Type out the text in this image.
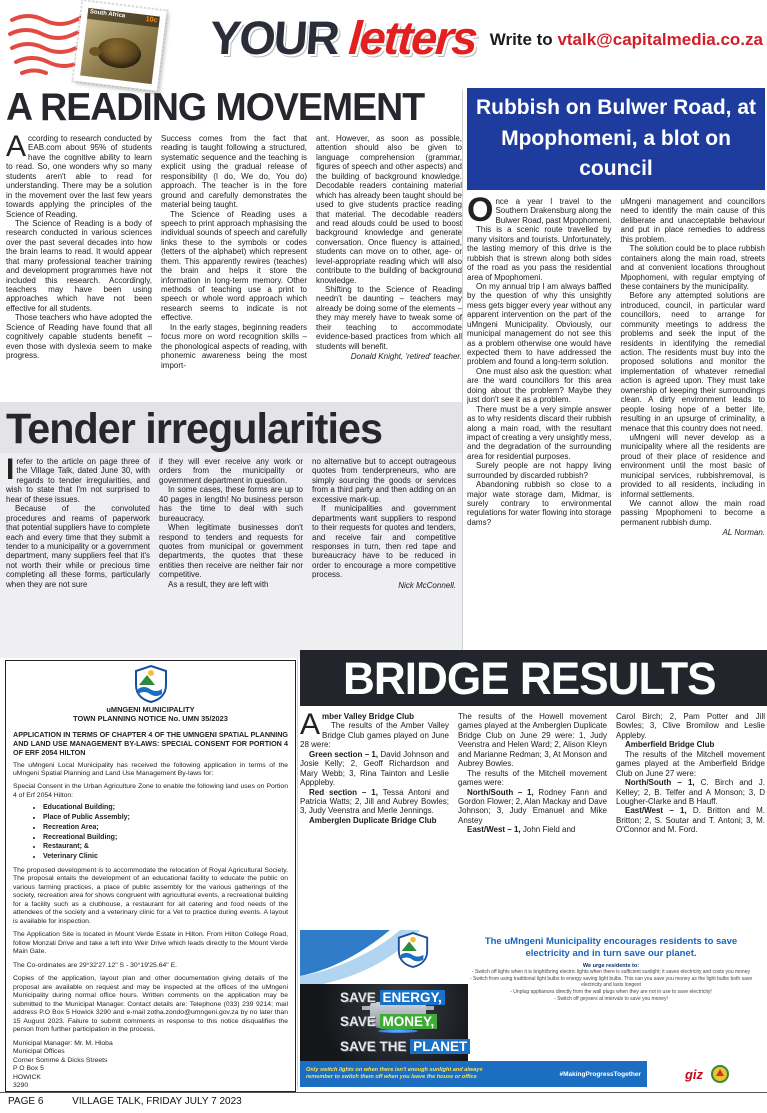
South Africa
10c YOUR letters Write to vtalk@capitalmedia.co.za
A READING MOVEMENT

According to research conducted by EAB.com about 95% of students have the cognitive ability to learn to read. So, one wonders why so many students aren't able to read for understanding. There may be a solution in the movement over the last few years towards applying the principles of the Science of Reading.

The Science of Reading is a body of research conducted in various sciences over the past several decades into how the brain learns to read. It would appear that many professional teacher training and development programmes have not included this research. Accordingly, teachers may have been using approaches which have not been effective for all students.

Those teachers who have adopted the Science of Reading have found that all cognitively capable students benefit – even those with dyslexia seem to make progress.

Success comes from the fact that reading is taught following a structured, systematic sequence and the teaching is explicit using the gradual release of responsibility (I do, We do, You do) approach. The teacher is in the fore ground and carefully demonstrates the material being taught.

The Science of Reading uses a speech to print approach mphasising the individual sounds of speech and carefully links these to the symbols or codes (letters of the alphabet) which represent them. This apparently rewires (teaches) the brain and helps it store the information in long-term memory. Other methods of teaching use a print to speech or whole word approach which research seems to indicate is not effective.

In the early stages, beginning readers focus more on word recognition skills – the phonological aspects of reading, with phonemic awareness being the most import-

ant. However, as soon as possible, attention should also be given to language comprehension (grammar, figures of speech and other aspects) and the building of background knowledge. Decodable readers containing material which has already been taught should be used to give students practice reading that material. The decodable readers and read alouds could be used to boost background knowledge and generate conversation. Once fluency is attained, students can move on to other, age- or level-appropriate reading which will also contribute to the building of background knowledge.

Shifting to the Science of Reading needn't be daunting – teachers may already be doing some of the elements – they may merely have to tweak some of their teaching to accommodate evidence-based practices from which all students will benefit.

Donald Knight, 'retired' teacher.

Rubbish on Bulwer Road, at Mpophomeni, a blot on council

Once a year I travel to the Southern Drakensburg along the Bulwer Road, past Mpophomeni.

This is a scenic route travelled by many visitors and tourists. Unfortunately, the lasting memory of this drive is the rubbish that is strewn along both sides of the road as you pass the residential area of Mpophomeni.

On my annual trip I am always baffled by the question of why this unsightly mess gets bigger every year without any apparent intervention on the part of the uMngeni Municipality. Obviously, our municipal management do not see this as a problem otherwise one would have expected them to have addressed the problem and found a long-term solution.

One must also ask the question: what are the ward councillors for this area doing about the problem? Maybe they just don't see it as a problem.

There must be a very simple answer as to why residents discard their rubbish along a main road, with the resultant impact of creating a very unsightly mess, and the degradation of the surrounding area for residential purposes.

Surely people are not happy living surrounded by discarded rubbish?

Abandoning rubbish so close to a major wate storage dam, Midmar, is surely contrary to environmental regulations for water flowing into storage dams?

uMngeni management and councillors need to identify the main cause of this deliberate and unacceptable behaviour and put in place remedies to address this problem.

The solution could be to place rubbish containers along the main road, streets and at convenient locations throughout Mpophomeni, with regular emptying of these containers by the municipality.

Before any attempted solutions are introduced, council, in particular ward councillors, need to arrange for community meetings to address the problems and seek the input of the residents in identifying the remedial action. The residents must buy into the proposed solutions and monitor the implementation of whatever remedial action is agreed upon. They must take ownership of keeping their surroundings clean. A dirty environment leads to people losing hope of a better life, resulting in an upsurge of criminality, a menace that this country does not need.

uMngeni will never develop as a municipality where all the residents are proud of their place of residence and environment until the most basic of municipal services, rubbishremoval, is provided to all residents, including in informal settlements.

We cannot allow the main road passing Mpophomeni to become a permanent rubbish dump.

AL Norman.

Tender irregularities

Irefer to the article on page three of the Village Talk, dated June 30, with regards to tender irregularities, and wish to state that I'm not surprised to hear of these issues.

Because of the convoluted procedures and reams of paperwork that potential suppliers have to complete each and every time that they submit a tender to a municipality or a government department, many suppliers feel that it's not worth their while or precious time completing all these forms, particularly when they are not sure

if they will ever receive any work or orders from the municipality or government department in question.

In some cases, these forms are up to 40 pages in length! No business person has the time to deal with such bureaucracy.

When legitimate businesses don't respond to tenders and requests for quotes from municipal or government departments, the quotes that these entities then receive are neither fair nor competitive.

As a result, they are left with

no alternative but to accept outrageous quotes from tenderpreneurs, who are simply sourcing the goods or services from a third party and then adding on an excessive mark-up.

If municipalities and government departments want suppliers to respond to their requests for quotes and tenders, and receive fair and competitive responses in turn, then red tape and bureaucracy have to be reduced in order to encourage a more competitive process.

Nick McConnell.

uMNGENI MUNICIPALITY

TOWN PLANNING NOTICE No. UMN 35/2023

APPLICATION IN TERMS OF CHAPTER 4 OF THE UMNGENI SPATIAL PLANNING AND LAND USE MANAGEMENT BY-LAWS: SPECIAL CONSENT FOR PORTION 4 OF ERF 2054 HILTON

The uMngeni Local Municipality has received the following application in terms of the uMngeni Spatial Planning and Land Use Management By-laws for:

Special Consent in the Urban Agriculture Zone to enable the following land uses on Portion 4 of Erf 2054 Hilton:

• Educational Building;
• Place of Public Assembly;
• Recreation Area;
• Recreational Building;
• Restaurant; &
• Veterinary Clinic

The proposed development is to accommodate the relocation of Royal Agricultural Society. The proposal entails the development of an educational facility to educate the public on various farming practices, a place of public assembly for the various gatherings of the society, recreation area for shows congruent with agricultural events, a recreational building for a facility such as a clubhouse, a restaurant for all catering and food needs of the attendees of the society and a veterinary clinic for a Vet to practice during events. A layout is available for inspection.

The Application Site is located in Mount Verde Estate in Hilton. From Hilton College Road, follow Monzali Drive and take a left into Weir Drive which leads directly to the Mount Verde Main Gate.

The Co-ordinates are 29°32'27.12" S - 30°19'25.64" E.

Copies of the application, layout plan and other documentation giving details of the proposal are available on request and may be inspected at the offices of the uMngeni Municipality during normal office hours. Written comments on the application may be submitted to the Municipal Manager. Contact details are: Telephone (033) 239 9214; mail address P.O Box 5 Howick 3290 and e-mail zotha.zondo@umngeni.gov.za by no later than 15 August 2023. Failure to submit comments in response to this notice disqualifies the person from further participation in the process.

Municipal Manager: Mr. M. Hloba
Municipal Offices
Corner Somme & Dicks Streets
P O Box 5
HOWICK
3290
BRIDGE RESULTS

Amber Valley Bridge Club

The results of the Amber Valley Bridge Club games played on June 28 were:

Green section – 1, David Johnson and Josie Kelly; 2, Geoff Richardson and Mary Webb; 3, Rina Tainton and Leslie Apppleby.

Red section – 1, Tessa Antoni and Patricia Watts; 2, Jill and Aubrey Bowles; 3, Judy Veenstra and Merle Jennings.

Amberglen Duplicate Bridge Club

The results of the Howell movement games played at the Amberglen Duplicate Bridge Club on June 29 were: 1, Judy Veenstra and Helen Ward; 2, Alison Kleyn and Marianne Redman; 3, At Monson and Aubrey Bowles.

The results of the Mitchell movement games were:

North/South – 1, Rodney Fann and Gordon Flower; 2, Alan Mackay and Dave Johnson; 3, Judy Emanuel and Mike Anstey

East/West – 1, John Field and

Carol Birch; 2, Pam Potter and Jill Bowles; 3, Clive Bromilow and Leslie Appleby.

Amberfield Bridge Club

The results of the Mitchell movement games played at the Amberfield Bridge Club on June 27 were:

North/South – 1, C. Birch and J. Kelley; 2, B. Telfer and A Monson; 3, D Lougher-Clarke and B Hauff.

East/West – 1, D. Britton and M. Britton; 2, S. Soutar and T. Antoni; 3, M. O'Connor and M. Ford.

The uMngeni Municipality encourages residents to save electricity and in turn save our planet.

We urge residents to:

- Switch off lights when it is bright/bring electric lights when there is sufficient sunlight; it saves electricity and costs you money
- Switch from using traditional light bulbs to energy saving light bulbs. This can you save you money as the light bulbs both save electricity and lasts longest
- Unplug appliances directly from the wall plugs when they are not in use to save electricity!
- Switch off geysers at intervals to save you money!
SAVE ENERGY,
SAVE MONEY,
SAVE THE PLANET
Only switch lights on when there isn't enough sunlight and always remember to switch them off when you leave the house or office	#MakingProgressTogether	giz
PAGE 6	VILLAGE TALK, FRIDAY JULY 7 2023
